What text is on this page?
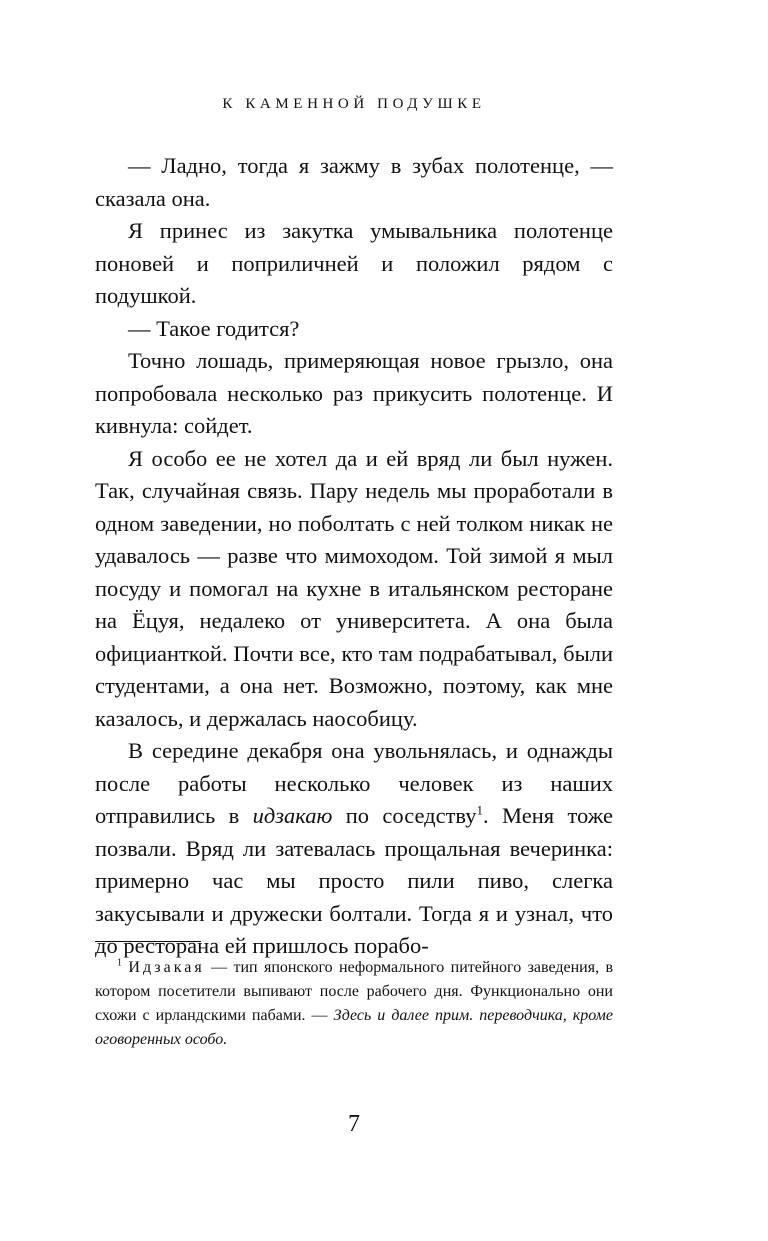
К КАМЕННОЙ ПОДУШКЕ

— Ладно, тогда я зажму в зубах полотенце, — сказала она.

Я принес из закутка умывальника полотенце поновей и поприличней и положил рядом с подушкой.

— Такое годится?

Точно лошадь, примеряющая новое грызло, она попробовала несколько раз прикусить полотенце. И кивнула: сойдет.

Я особо ее не хотел да и ей вряд ли был нужен. Так, случайная связь. Пару недель мы проработали в одном заведении, но поболтать с ней толком никак не удавалось — разве что мимоходом. Той зимой я мыл посуду и помогал на кухне в итальянском ресторане на Ёцуя, недалеко от университета. А она была официанткой. Почти все, кто там подрабатывал, были студентами, а она нет. Возможно, поэтому, как мне казалось, и держалась наособицу.

В середине декабря она увольнялась, и однажды после работы несколько человек из наших отправились в идзакаю по соседству$^1$. Меня тоже позвали. Вряд ли затевалась прощальная вечеринка: примерно час мы просто пили пиво, слегка закусывали и дружески болтали. Тогда я и узнал, что до ресторана ей пришлось порабо-

$^1$ Идзакая — тип японского неформального питейного заведения, в котором посетители выпивают после рабочего дня. Функционально они схожи с ирландскими пабами. — Здесь и далее прим. переводчика, кроме оговоренных особо.

7
